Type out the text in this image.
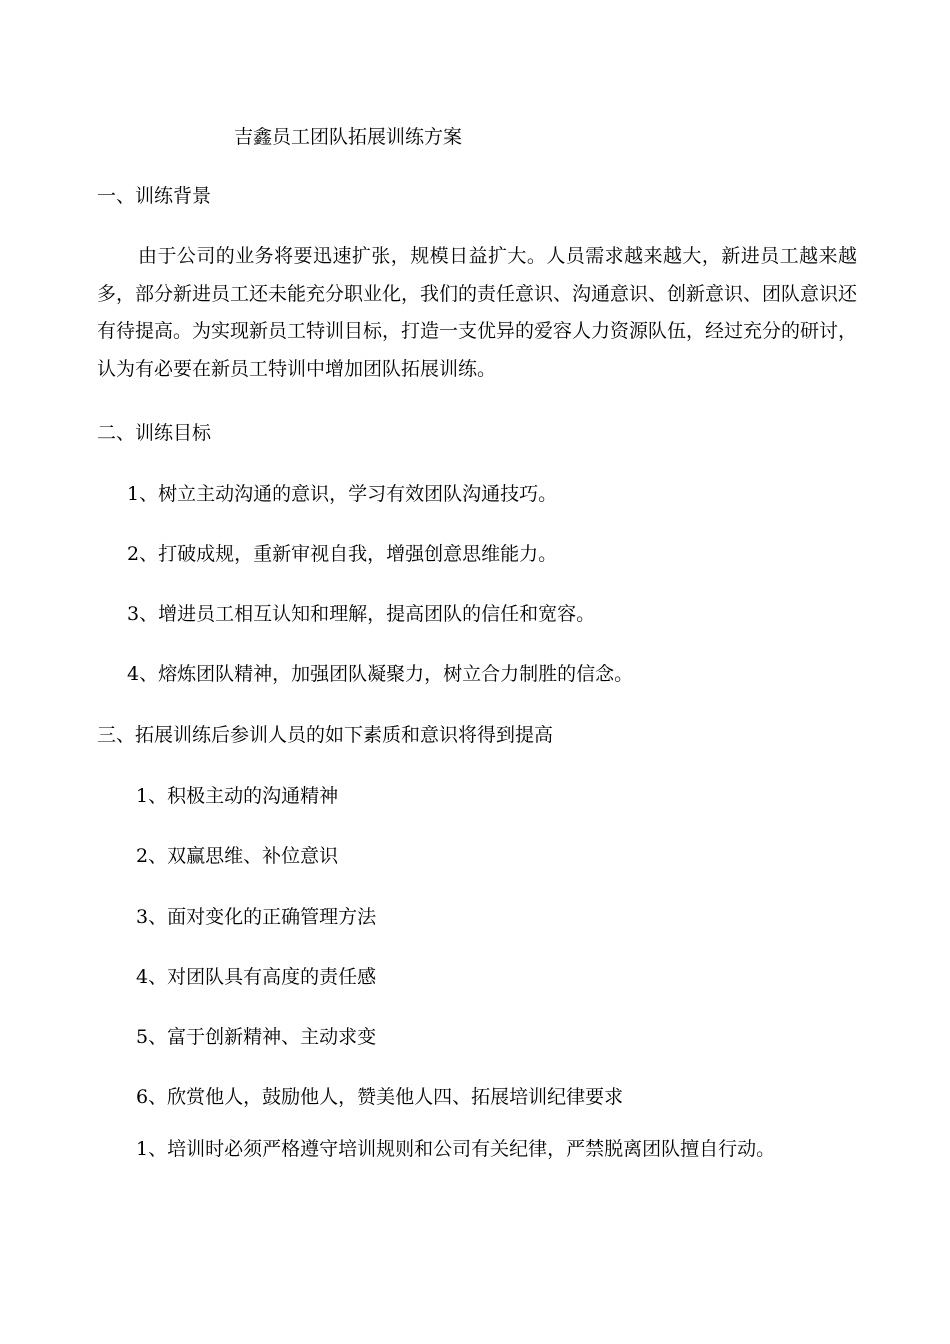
吉鑫员工团队拓展训练方案
一、训练背景
由于公司的业务将要迅速扩张，规模日益扩大。人员需求越来越大，新进员工越来越多，部分新进员工还未能充分职业化，我们的责任意识、沟通意识、创新意识、团队意识还有待提高。为实现新员工特训目标，打造一支优异的爱容人力资源队伍，经过充分的研讨，认为有必要在新员工特训中增加团队拓展训练。
二、训练目标
1、树立主动沟通的意识，学习有效团队沟通技巧。
2、打破成规，重新审视自我，增强创意思维能力。
3、增进员工相互认知和理解，提高团队的信任和宽容。
4、熔炼团队精神，加强团队凝聚力，树立合力制胜的信念。
三、拓展训练后参训人员的如下素质和意识将得到提高
1、积极主动的沟通精神
2、双赢思维、补位意识
3、面对变化的正确管理方法
4、对团队具有高度的责任感
5、富于创新精神、主动求变
6、欣赏他人，鼓励他人，赞美他人四、拓展培训纪律要求
1、培训时必须严格遵守培训规则和公司有关纪律，严禁脱离团队擅自行动。
